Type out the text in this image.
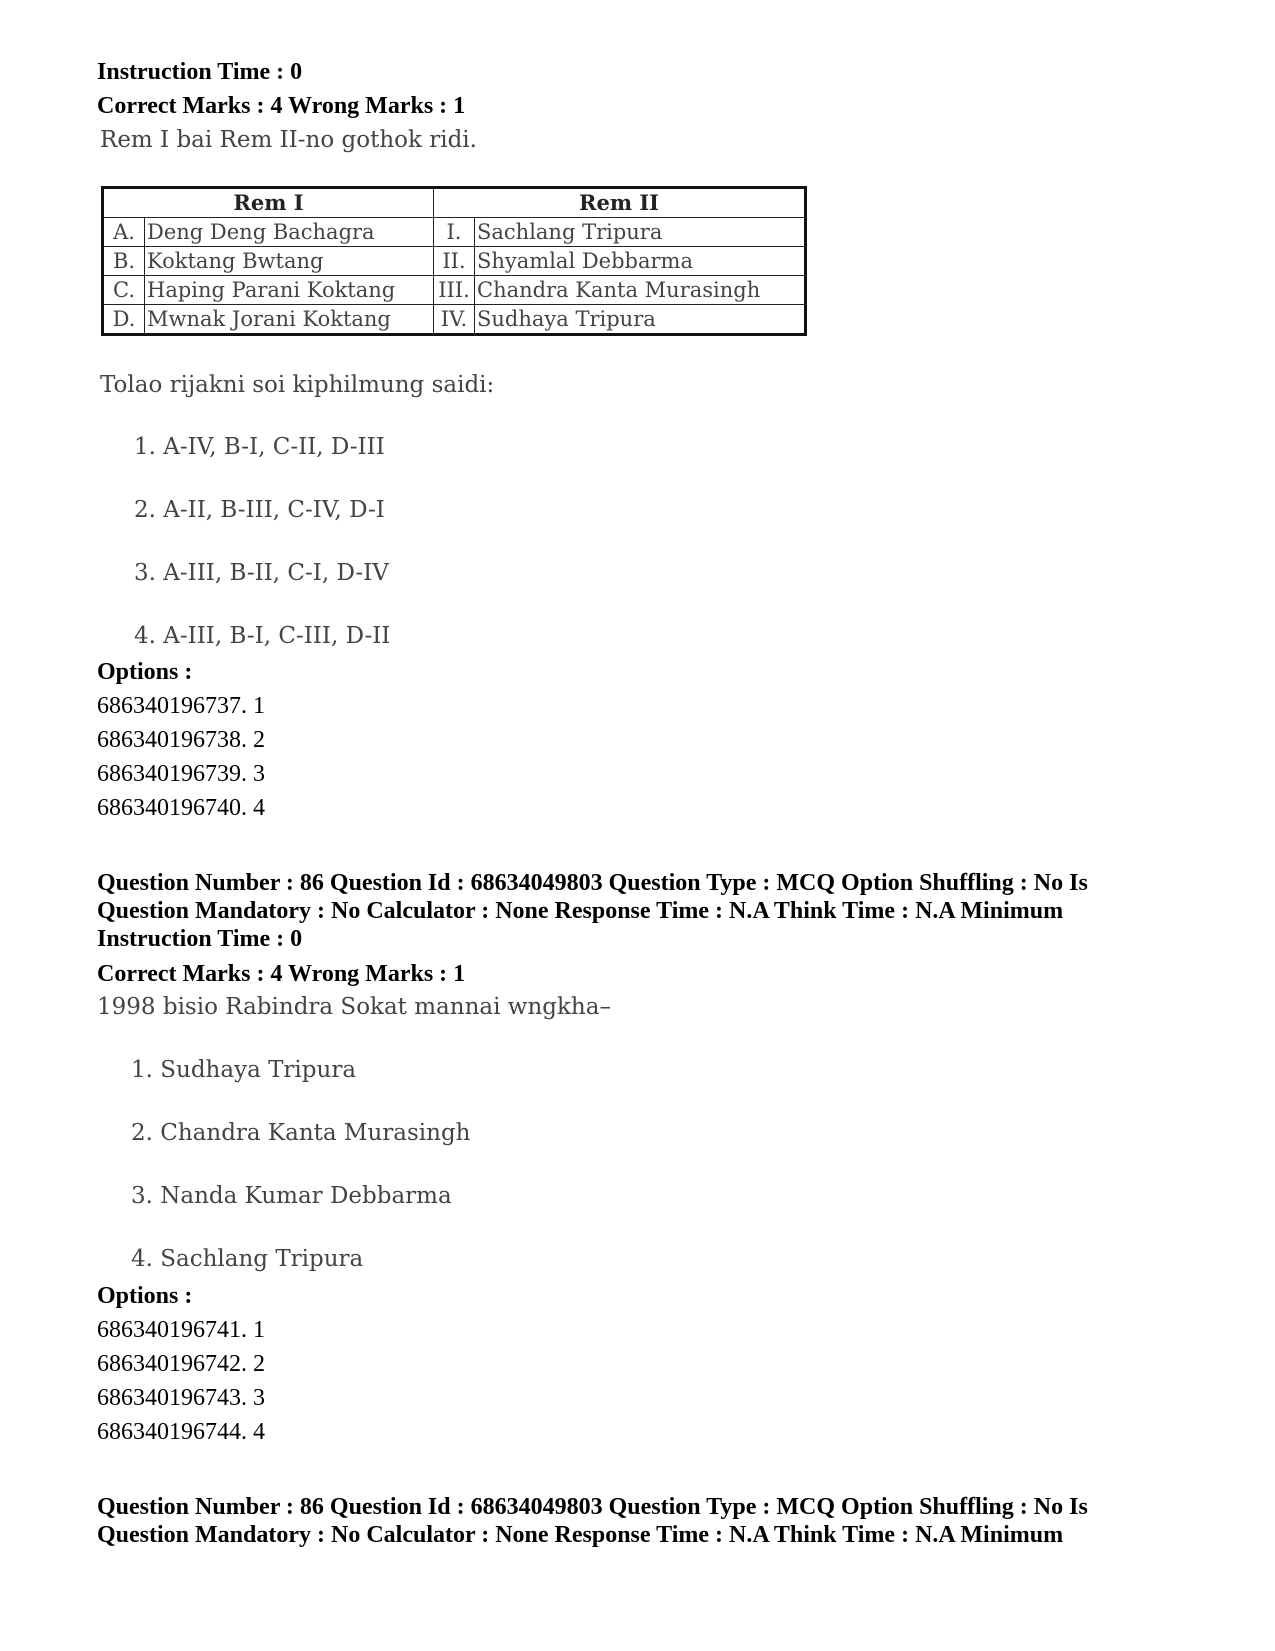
Instruction Time : 0
Correct Marks : 4 Wrong Marks : 1
Rem I bai Rem II-no gothok ridi.
Rem I		Rem II	
A.	Deng Deng Bachagra	I.	Sachlang Tripura
B.	Koktang Bwtang	II.	Shyamlal Debbarma
C.	Haping Parani Koktang	III.	Chandra Kanta Murasingh
D.	Mwnak Jorani Koktang	IV.	Sudhaya Tripura
Tolao rijakni soi kiphilmung saidi:
1. A-IV, B-I, C-II, D-III
2. A-II, B-III, C-IV, D-I
3. A-III, B-II, C-I, D-IV
4. A-III, B-I, C-III, D-II
Options :
686340196737. 1
686340196738. 2
686340196739. 3
686340196740. 4
Question Number : 86 Question Id : 68634049803 Question Type : MCQ Option Shuffling : No Is
Question Mandatory : No Calculator : None Response Time : N.A Think Time : N.A Minimum
Instruction Time : 0
Correct Marks : 4 Wrong Marks : 1
1998 bisio Rabindra Sokat mannai wngkha–
1. Sudhaya Tripura
2. Chandra Kanta Murasingh
3. Nanda Kumar Debbarma
4. Sachlang Tripura
Options :
686340196741. 1
686340196742. 2
686340196743. 3
686340196744. 4
Question Number : 86 Question Id : 68634049803 Question Type : MCQ Option Shuffling : No Is
Question Mandatory : No Calculator : None Response Time : N.A Think Time : N.A Minimum
